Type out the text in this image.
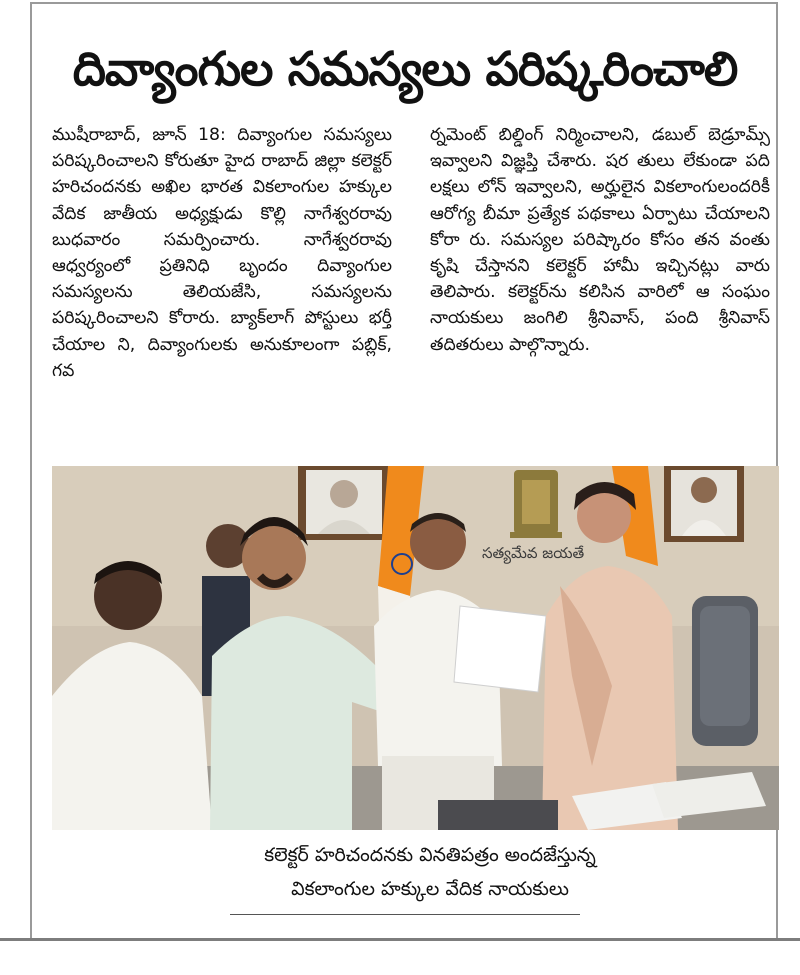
దివ్యాంగుల సమస్యలు పరిష్కరించాలి

ముషీరాబాద్, జూన్ 18: దివ్యాంగుల సమస్యలు పరిష్కరించాలని కోరుతూ హైద రాబాద్ జిల్లా కలెక్టర్ హరిచందనకు అఖిల భారత వికలాంగుల హక్కుల వేదిక జాతీయ అధ్యక్షుడు కొల్లి నాగేశ్వరరావు బుధవారం సమర్పించారు. నాగేశ్వరరావు ఆధ్వర్యంలో ప్రతినిధి బృందం దివ్యాంగుల సమస్యలను తెలియజేసి, సమస్యలను పరిష్కరించాలని కోరారు. బ్యాక్‌లాగ్ పోస్టులు భర్తీ చేయాల ని, దివ్యాంగులకు అనుకూలంగా పబ్లిక్, గవ

ర్నమెంట్ బిల్డింగ్ నిర్మించాలని, డబుల్ బెడ్రూమ్స్ ఇవ్వాలని విజ్ఞప్తి చేశారు. షర తులు లేకుండా పది లక్షలు లోన్ ఇవ్వాలని, అర్హులైన వికలాంగులందరికీ ఆరోగ్య బీమా ప్రత్యేక పథకాలు ఏర్పాటు చేయాలని కోరా రు. సమస్యల పరిష్కారం కోసం తన వంతు కృషి చేస్తానని కలెక్టర్ హామీ ఇచ్చినట్లు వారు తెలిపారు. కలెక్టర్‌ను కలిసిన వారిలో ఆ సంఘం నాయకులు జంగిలి శ్రీనివాస్, పంది శ్రీనివాస్ తదితరులు పాల్గొన్నారు.

సత్యమేవ జయతే

కలెక్టర్ హరిచందనకు వినతిపత్రం అందజేస్తున్న
వికలాంగుల హక్కుల వేదిక నాయకులు
